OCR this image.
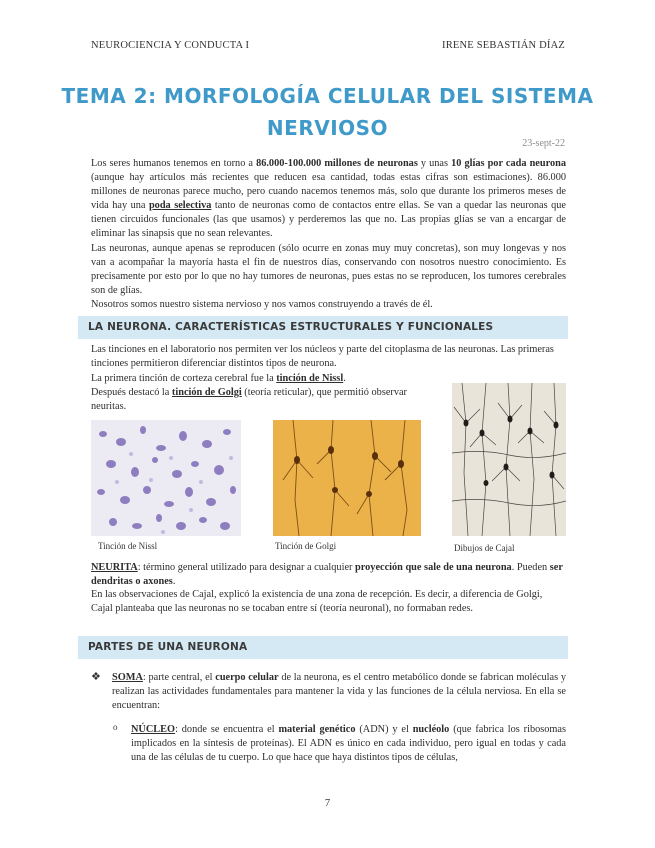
NEUROCIENCIA Y CONDUCTA I	IRENE SEBASTIÁN DÍAZ
TEMA 2: MORFOLOGÍA CELULAR DEL SISTEMA
NERVIOSO
23-sept-22

Los seres humanos tenemos en torno a 86.000-100.000 millones de neuronas y unas 10 glías por cada neurona (aunque hay artículos más recientes que reducen esa cantidad, todas estas cifras son estimaciones). 86.000 millones de neuronas parece mucho, pero cuando nacemos tenemos más, solo que durante los primeros meses de vida hay una poda selectiva tanto de neuronas como de contactos entre ellas. Se van a quedar las neuronas que tienen circuidos funcionales (las que usamos) y perderemos las que no. Las propias glías se van a encargar de eliminar las sinapsis que no sean relevantes.

Las neuronas, aunque apenas se reproducen (sólo ocurre en zonas muy muy concretas), son muy longevas y nos van a acompañar la mayoría hasta el fin de nuestros días, conservando con nosotros nuestro conocimiento. Es precisamente por esto por lo que no hay tumores de neuronas, pues estas no se reproducen, los tumores cerebrales son de glías.

Nosotros somos nuestro sistema nervioso y nos vamos construyendo a través de él.

LA NEURONA. CARACTERÍSTICAS ESTRUCTURALES Y FUNCIONALES

Las tinciones en el laboratorio nos permiten ver los núcleos y parte del citoplasma de las neuronas. Las primeras tinciones permitieron diferenciar distintos tipos de neurona.

La primera tinción de corteza cerebral fue la tinción de Nissl.

Después destacó la tinción de Golgi (teoría reticular), que permitió observar neuritas.

Tinción de Nissl	Tinción de Golgi	Dibujos de Cajal

NEURITA: término general utilizado para designar a cualquier proyección que sale de una neurona. Pueden ser dendritas o axones.

En las observaciones de Cajal, explicó la existencia de una zona de recepción. Es decir, a diferencia de Golgi, Cajal planteaba que las neuronas no se tocaban entre sí (teoría neuronal), no formaban redes.

PARTES DE UNA NEURONA
❖ SOMA: parte central, el cuerpo celular de la neurona, es el centro metabólico donde se fabrican moléculas y realizan las actividades fundamentales para mantener la vida y las funciones de la célula nerviosa. En ella se encuentran:

o NÚCLEO: donde se encuentra el material genético (ADN) y el nucléolo (que fabrica los ribosomas implicados en la síntesis de proteínas). El ADN es único en cada individuo, pero igual en todas y cada una de las células de tu cuerpo. Lo que hace que haya distintos tipos de células,

7
